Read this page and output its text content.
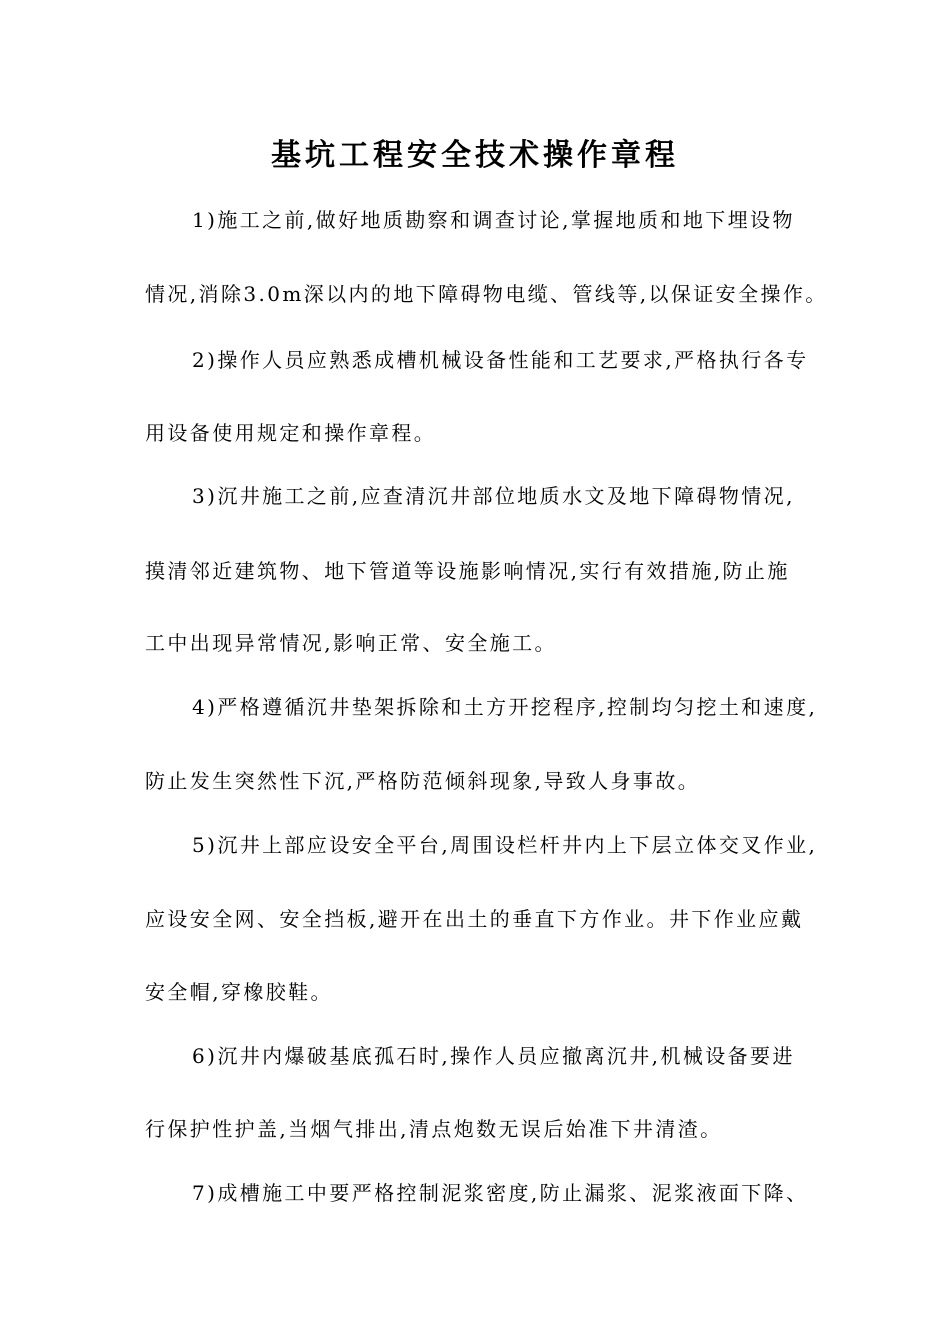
基坑工程安全技术操作章程
1)施工之前,做好地质勘察和调查讨论,掌握地质和地下埋设物
情况,消除3.0m深以内的地下障碍物电缆、管线等,以保证安全操作。
2)操作人员应熟悉成槽机械设备性能和工艺要求,严格执行各专
用设备使用规定和操作章程。
3)沉井施工之前,应查清沉井部位地质水文及地下障碍物情况,
摸清邻近建筑物、地下管道等设施影响情况,实行有效措施,防止施
工中出现异常情况,影响正常、安全施工。
4)严格遵循沉井垫架拆除和土方开挖程序,控制均匀挖土和速度,
防止发生突然性下沉,严格防范倾斜现象,导致人身事故。
5)沉井上部应设安全平台,周围设栏杆井内上下层立体交叉作业,
应设安全网、安全挡板,避开在出土的垂直下方作业。井下作业应戴
安全帽,穿橡胶鞋。
6)沉井内爆破基底孤石时,操作人员应撤离沉井,机械设备要进
行保护性护盖,当烟气排出,清点炮数无误后始准下井清渣。
7)成槽施工中要严格控制泥浆密度,防止漏浆、泥浆液面下降、
